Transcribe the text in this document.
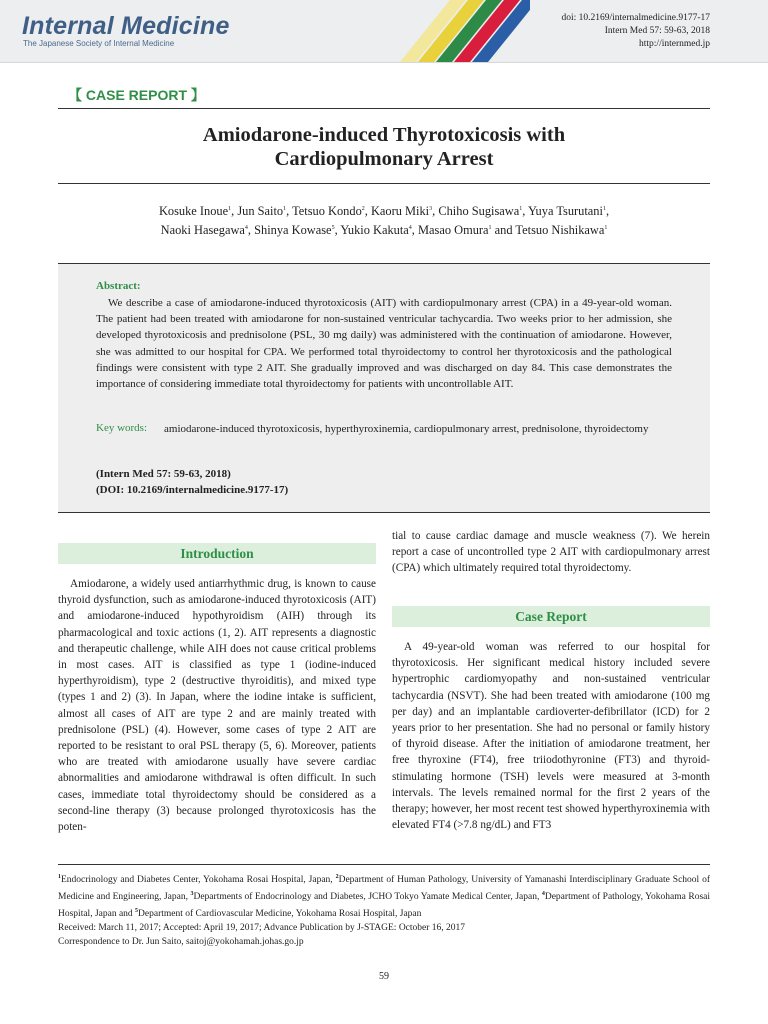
Internal Medicine
The Japanese Society of Internal Medicine
doi: 10.2169/internalmedicine.9177-17
Intern Med 57: 59-63, 2018
http://internmed.jp
【 CASE REPORT 】
Amiodarone-induced Thyrotoxicosis with
Cardiopulmonary Arrest
Kosuke Inoue$^1$, Jun Saito$^1$, Tetsuo Kondo$^2$, Kaoru Miki$^3$, Chiho Sugisawa$^1$, Yuya Tsurutani$^1$,
Naoki Hasegawa$^4$, Shinya Kowase$^5$, Yukio Kakuta$^4$, Masao Omura$^1$ and Tetsuo Nishikawa$^1$
Abstract:
We describe a case of amiodarone-induced thyrotoxicosis (AIT) with cardiopulmonary arrest (CPA) in a 49-year-old woman. The patient had been treated with amiodarone for non-sustained ventricular tachycardia. Two weeks prior to her admission, she developed thyrotoxicosis and prednisolone (PSL, 30 mg daily) was administered with the continuation of amiodarone. However, she was admitted to our hospital for CPA. We performed total thyroidectomy to control her thyrotoxicosis and the pathological findings were consistent with type 2 AIT. She gradually improved and was discharged on day 84. This case demonstrates the importance of considering immediate total thyroidectomy for patients with uncontrollable AIT.
Key words: amiodarone-induced thyrotoxicosis, hyperthyroxinemia, cardiopulmonary arrest, prednisolone, thyroidectomy
(Intern Med 57: 59-63, 2018)
(DOI: 10.2169/internalmedicine.9177-17)
Introduction

Amiodarone, a widely used antiarrhythmic drug, is known to cause thyroid dysfunction, such as amiodarone-induced thyrotoxicosis (AIT) and amiodarone-induced hypothyroidism (AIH) through its pharmacological and toxic actions (1, 2). AIT represents a diagnostic and therapeutic challenge, while AIH does not cause critical problems in most cases. AIT is classified as type 1 (iodine-induced hyperthyroidism), type 2 (destructive thyroiditis), and mixed type (types 1 and 2) (3). In Japan, where the iodine intake is sufficient, almost all cases of AIT are type 2 and are mainly treated with prednisolone (PSL) (4). However, some cases of type 2 AIT are reported to be resistant to oral PSL therapy (5, 6). Moreover, patients who are treated with amiodarone usually have severe cardiac abnormalities and amiodarone withdrawal is often difficult. In such cases, immediate total thyroidectomy should be considered as a second-line therapy (3) because prolonged thyrotoxicosis has the poten-

tial to cause cardiac damage and muscle weakness (7). We herein report a case of uncontrolled type 2 AIT with cardiopulmonary arrest (CPA) which ultimately required total thyroidectomy.

Case Report

A 49-year-old woman was referred to our hospital for thyrotoxicosis. Her significant medical history included severe hypertrophic cardiomyopathy and non-sustained ventricular tachycardia (NSVT). She had been treated with amiodarone (100 mg per day) and an implantable cardioverter-defibrillator (ICD) for 2 years prior to her presentation. She had no personal or family history of thyroid disease. After the initiation of amiodarone treatment, her free thyroxine (FT4), free triiodothyronine (FT3) and thyroid-stimulating hormone (TSH) levels were measured at 3-month intervals. The levels remained normal for the first 2 years of the therapy; however, her most recent test showed hyperthyroxinemia with elevated FT4 (>7.8 ng/dL) and FT3

$^1$Endocrinology and Diabetes Center, Yokohama Rosai Hospital, Japan, $^2$Department of Human Pathology, University of Yamanashi Interdisciplinary Graduate School of Medicine and Engineering, Japan, $^3$Departments of Endocrinology and Diabetes, JCHO Tokyo Yamate Medical Center, Japan, $^4$Department of Pathology, Yokohama Rosai Hospital, Japan and $^5$Department of Cardiovascular Medicine, Yokohama Rosai Hospital, Japan
Received: March 11, 2017; Accepted: April 19, 2017; Advance Publication by J-STAGE: October 16, 2017
Correspondence to Dr. Jun Saito, saitoj@yokohamah.johas.go.jp
59
